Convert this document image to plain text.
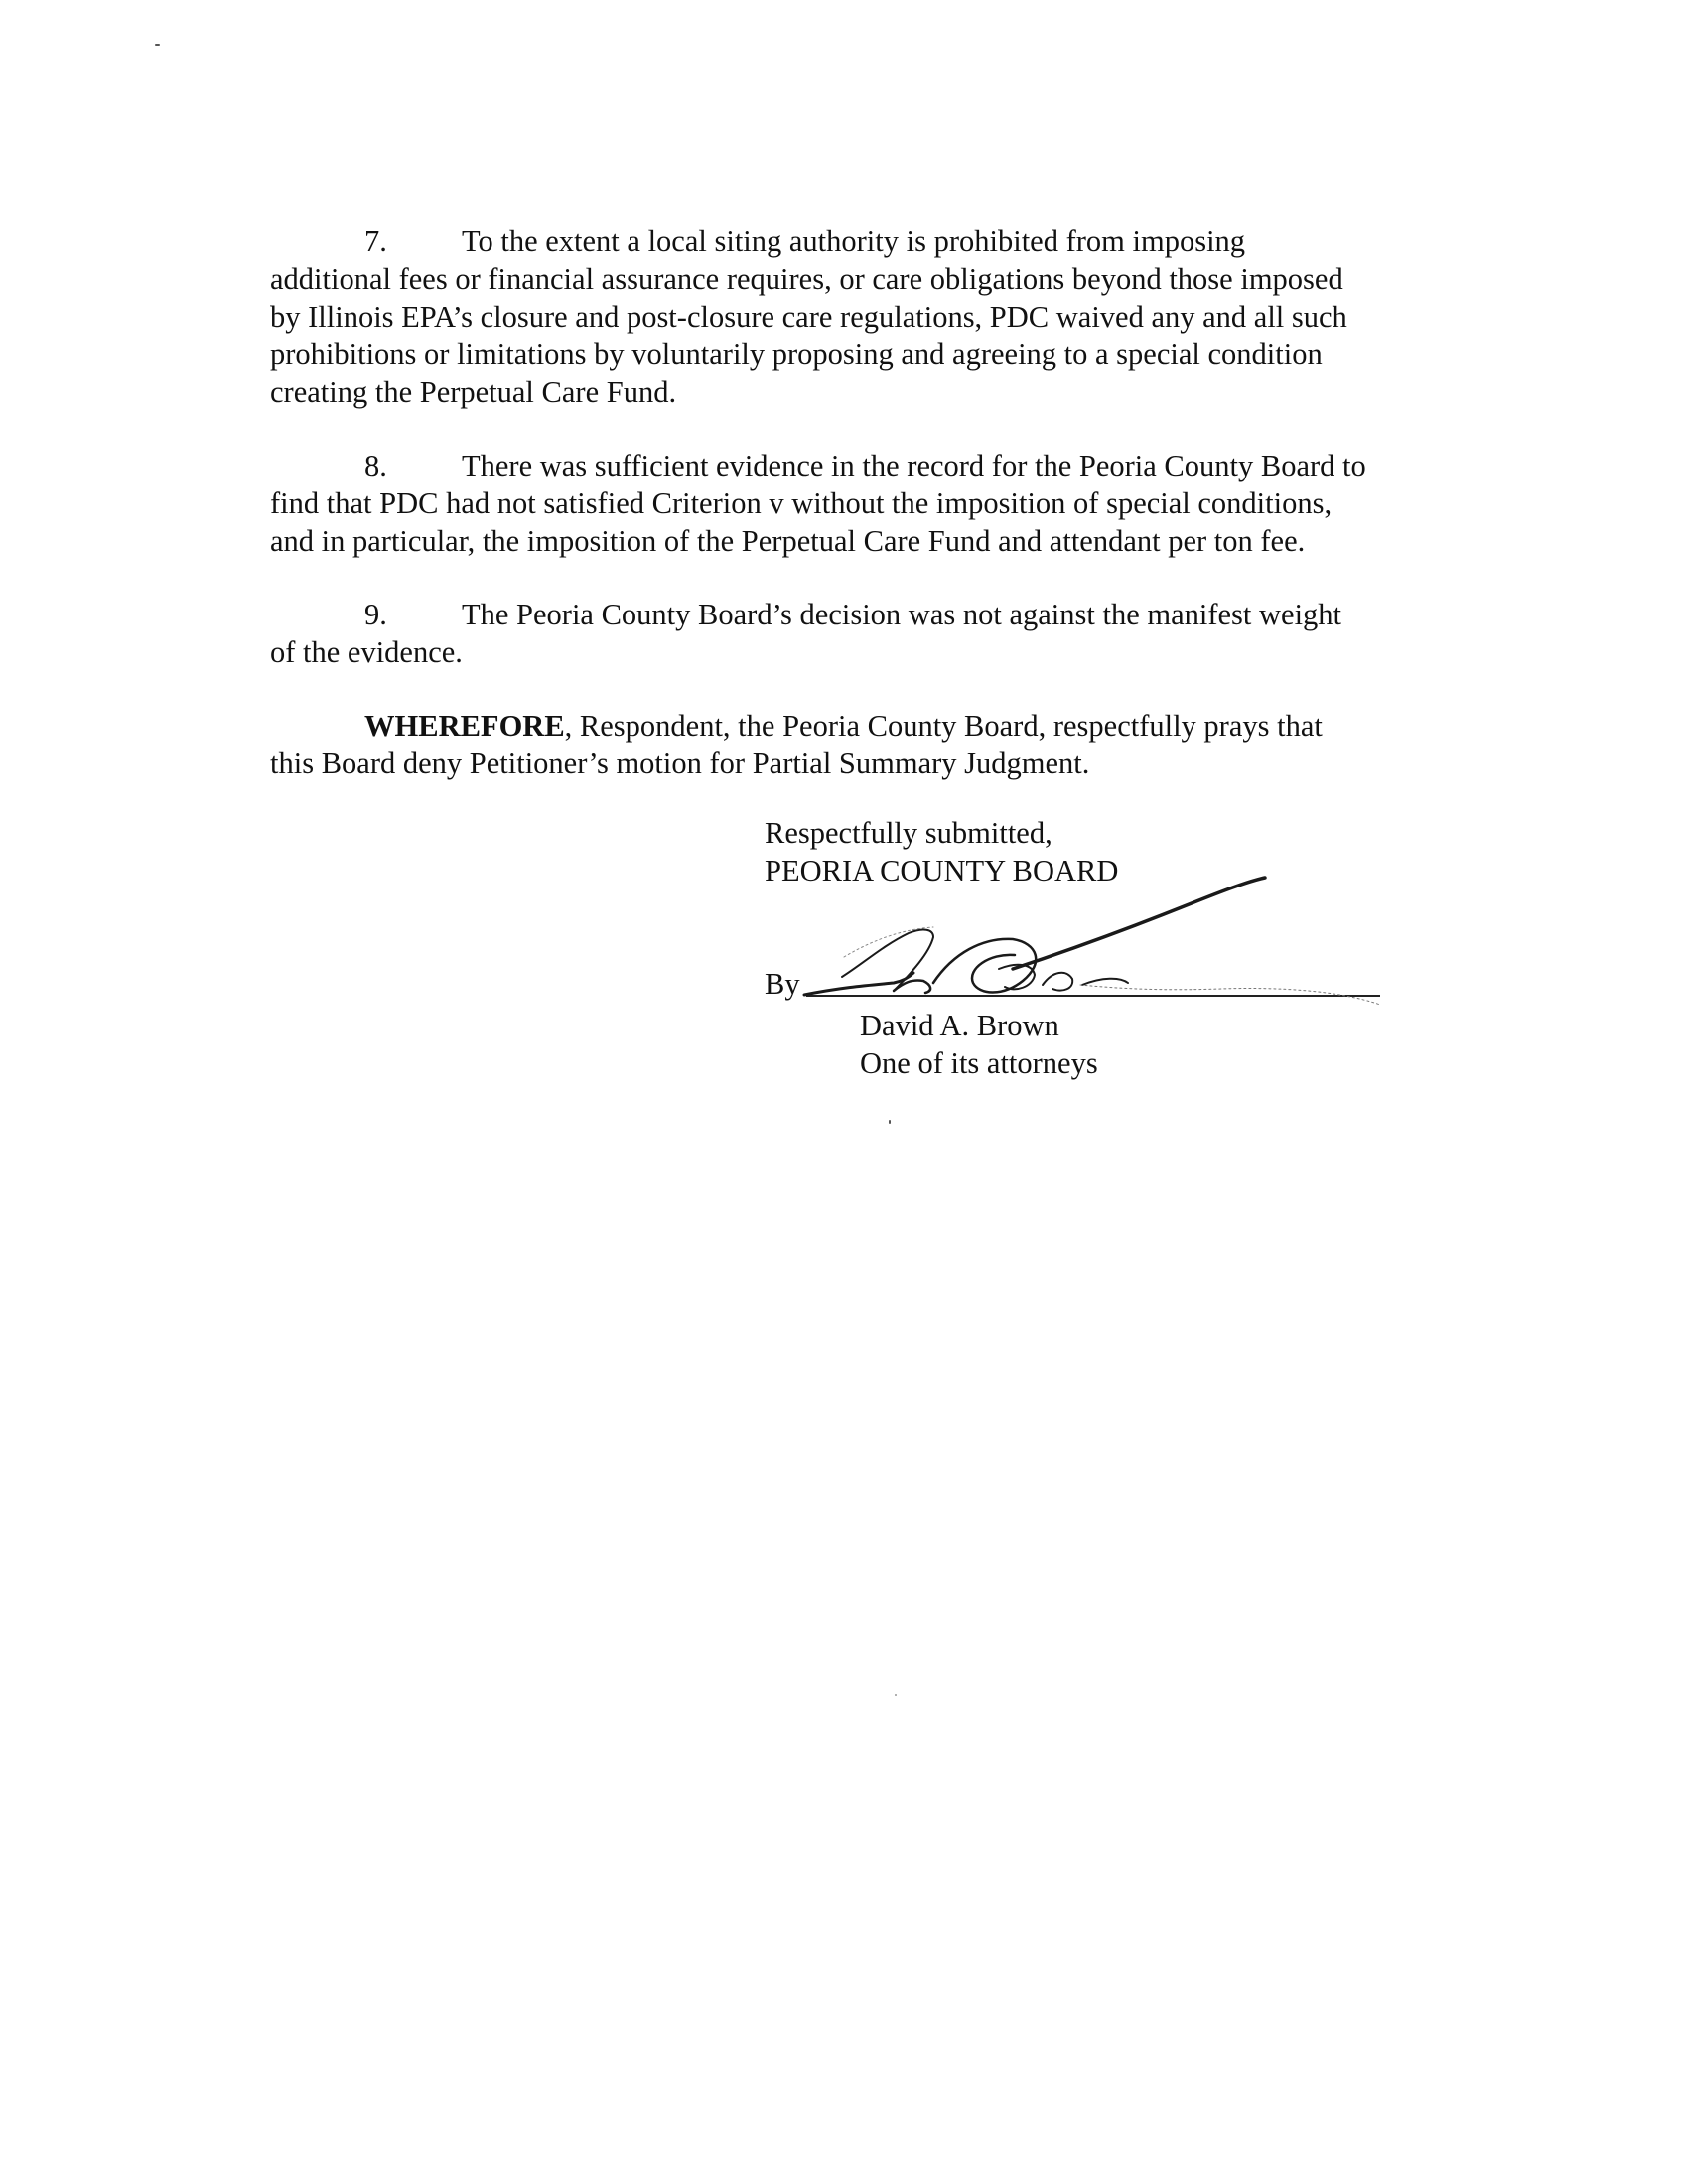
7. To the extent a local siting authority is prohibited from imposing
additional fees or financial assurance requires, or care obligations beyond those imposed
by Illinois EPA’s closure and post-closure care regulations, PDC waived any and all such
prohibitions or limitations by voluntarily proposing and agreeing to a special condition
creating the Perpetual Care Fund.
8. There was sufficient evidence in the record for the Peoria County Board to
find that PDC had not satisfied Criterion v without the imposition of special conditions,
and in particular, the imposition of the Perpetual Care Fund and attendant per ton fee.
9. The Peoria County Board’s decision was not against the manifest weight
of the evidence.
WHEREFORE, Respondent, the Peoria County Board, respectfully prays that
this Board deny Petitioner’s motion for Partial Summary Judgment.
Respectfully submitted,
PEORIA COUNTY BOARD
By
David A. Brown
One of its attorneys
